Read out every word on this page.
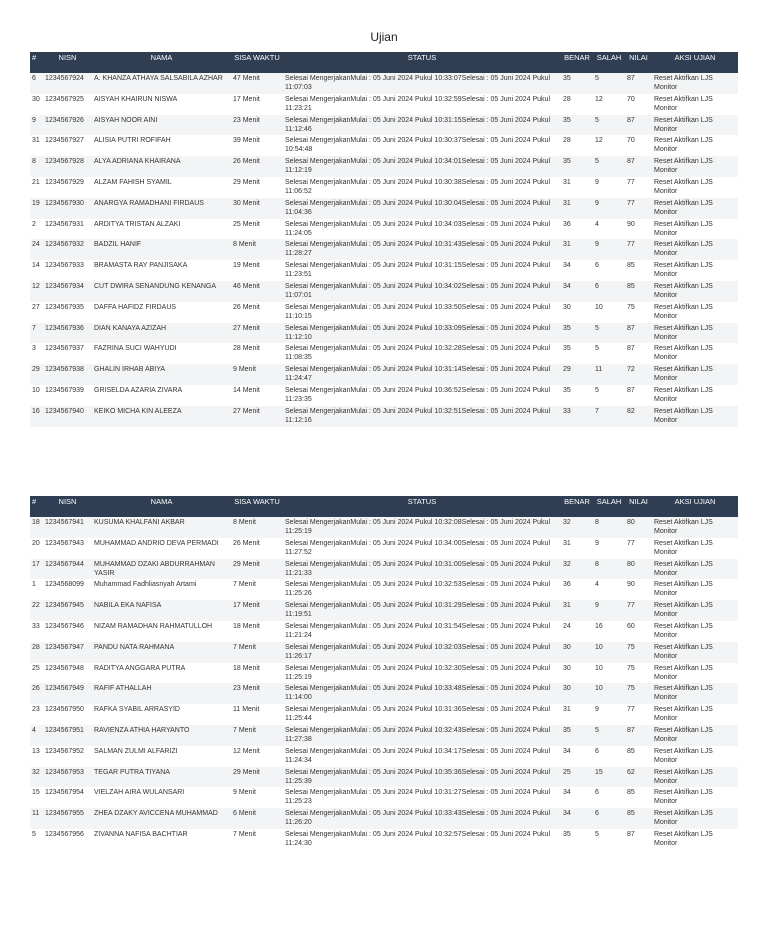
Ujian
#	NISN	NAMA	SISA WAKTU	STATUS	BENAR	SALAH	NILAI	AKSI UJIAN
6	1234567924	A. KHANZA ATHAYA SALSABILA AZHAR	47 Menit	Selesai MengerjakanMulai : 05 Juni 2024 Pukul 10:33:07Selesai : 05 Juni 2024 Pukul 11:07:03	35	5	87	Reset Aktifkan LJS Monitor
30	1234567925	AISYAH KHAIRUN NISWA	17 Menit	Selesai MengerjakanMulai : 05 Juni 2024 Pukul 10:32:59Selesai : 05 Juni 2024 Pukul 11:23:21	28	12	70	Reset Aktifkan LJS Monitor
9	1234567926	AISYAH NOOR AINI	23 Menit	Selesai MengerjakanMulai : 05 Juni 2024 Pukul 10:31:15Selesai : 05 Juni 2024 Pukul 11:12:46	35	5	87	Reset Aktifkan LJS Monitor
31	1234567927	ALISIA PUTRI ROFIFAH	39 Menit	Selesai MengerjakanMulai : 05 Juni 2024 Pukul 10:30:37Selesai : 05 Juni 2024 Pukul 10:54:48	28	12	70	Reset Aktifkan LJS Monitor
8	1234567928	ALYA ADRIANA KHAIRANA	26 Menit	Selesai MengerjakanMulai : 05 Juni 2024 Pukul 10:34:01Selesai : 05 Juni 2024 Pukul 11:12:19	35	5	87	Reset Aktifkan LJS Monitor
21	1234567929	ALZAM FAHISH SYAMIL	29 Menit	Selesai MengerjakanMulai : 05 Juni 2024 Pukul 10:30:38Selesai : 05 Juni 2024 Pukul 11:06:52	31	9	77	Reset Aktifkan LJS Monitor
19	1234567930	ANARGYA RAMADHANI FIRDAUS	30 Menit	Selesai MengerjakanMulai : 05 Juni 2024 Pukul 10:30:04Selesai : 05 Juni 2024 Pukul 11:04:36	31	9	77	Reset Aktifkan LJS Monitor
2	1234567931	ARDITYA TRISTAN ALZAKI	25 Menit	Selesai MengerjakanMulai : 05 Juni 2024 Pukul 10:34:03Selesai : 05 Juni 2024 Pukul 11:24:05	36	4	90	Reset Aktifkan LJS Monitor
24	1234567932	BADZIL HANIF	8 Menit	Selesai MengerjakanMulai : 05 Juni 2024 Pukul 10:31:43Selesai : 05 Juni 2024 Pukul 11:28:27	31	9	77	Reset Aktifkan LJS Monitor
14	1234567933	BRAMASTA RAY PANJISAKA	19 Menit	Selesai MengerjakanMulai : 05 Juni 2024 Pukul 10:31:15Selesai : 05 Juni 2024 Pukul 11:23:51	34	6	85	Reset Aktifkan LJS Monitor
12	1234567934	CUT DWIRA SENANDUNG KENANGA	46 Menit	Selesai MengerjakanMulai : 05 Juni 2024 Pukul 10:34:02Selesai : 05 Juni 2024 Pukul 11:07:01	34	6	85	Reset Aktifkan LJS Monitor
27	1234567935	DAFFA HAFIDZ FIRDAUS	26 Menit	Selesai MengerjakanMulai : 05 Juni 2024 Pukul 10:33:50Selesai : 05 Juni 2024 Pukul 11:10:15	30	10	75	Reset Aktifkan LJS Monitor
7	1234567936	DIAN KANAYA AZIZAH	27 Menit	Selesai MengerjakanMulai : 05 Juni 2024 Pukul 10:33:09Selesai : 05 Juni 2024 Pukul 11:12:10	35	5	87	Reset Aktifkan LJS Monitor
3	1234567937	FAZRINA SUCI WAHYUDI	28 Menit	Selesai MengerjakanMulai : 05 Juni 2024 Pukul 10:32:28Selesai : 05 Juni 2024 Pukul 11:08:35	35	5	87	Reset Aktifkan LJS Monitor
29	1234567938	GHALIN IRHAB ABIYA	9 Menit	Selesai MengerjakanMulai : 05 Juni 2024 Pukul 10:31:14Selesai : 05 Juni 2024 Pukul 11:24:47	29	11	72	Reset Aktifkan LJS Monitor
10	1234567939	GRISELDA AZARIA ZIVARA	14 Menit	Selesai MengerjakanMulai : 05 Juni 2024 Pukul 10:36:52Selesai : 05 Juni 2024 Pukul 11:23:35	35	5	87	Reset Aktifkan LJS Monitor
16	1234567940	KEIKO MICHA KIN ALEEZA	27 Menit	Selesai MengerjakanMulai : 05 Juni 2024 Pukul 10:32:51Selesai : 05 Juni 2024 Pukul 11:12:16	33	7	82	Reset Aktifkan LJS Monitor
#	NISN	NAMA	SISA WAKTU	STATUS	BENAR	SALAH	NILAI	AKSI UJIAN
18	1234567941	KUSUMA KHALFANI AKBAR	8 Menit	Selesai MengerjakanMulai : 05 Juni 2024 Pukul 10:32:08Selesai : 05 Juni 2024 Pukul 11:25:19	32	8	80	Reset Aktifkan LJS Monitor
20	1234567943	MUHAMMAD ANDRIO DEVA PERMADI	26 Menit	Selesai MengerjakanMulai : 05 Juni 2024 Pukul 10:34:00Selesai : 05 Juni 2024 Pukul 11:27:52	31	9	77	Reset Aktifkan LJS Monitor
17	1234567944	MUHAMMAD DZAKI ABDURRAHMAN YASIR	29 Menit	Selesai MengerjakanMulai : 05 Juni 2024 Pukul 10:31:00Selesai : 05 Juni 2024 Pukul 11:21:33	32	8	80	Reset Aktifkan LJS Monitor
1	1234568099	Muhammad Fadhliasnyah Artami	7 Menit	Selesai MengerjakanMulai : 05 Juni 2024 Pukul 10:32:53Selesai : 05 Juni 2024 Pukul 11:25:26	36	4	90	Reset Aktifkan LJS Monitor
22	1234567945	NABILA EKA NAFISA	17 Menit	Selesai MengerjakanMulai : 05 Juni 2024 Pukul 10:31:29Selesai : 05 Juni 2024 Pukul 11:19:51	31	9	77	Reset Aktifkan LJS Monitor
33	1234567946	NIZAM RAMADHAN RAHMATULLOH	18 Menit	Selesai MengerjakanMulai : 05 Juni 2024 Pukul 10:31:54Selesai : 05 Juni 2024 Pukul 11:21:24	24	16	60	Reset Aktifkan LJS Monitor
28	1234567947	PANDU NATA RAHMANA	7 Menit	Selesai MengerjakanMulai : 05 Juni 2024 Pukul 10:32:03Selesai : 05 Juni 2024 Pukul 11:26:17	30	10	75	Reset Aktifkan LJS Monitor
25	1234567948	RADITYA ANGGARA PUTRA	18 Menit	Selesai MengerjakanMulai : 05 Juni 2024 Pukul 10:32:30Selesai : 05 Juni 2024 Pukul 11:25:19	30	10	75	Reset Aktifkan LJS Monitor
26	1234567949	RAFIF ATHALLAH	23 Menit	Selesai MengerjakanMulai : 05 Juni 2024 Pukul 10:33:48Selesai : 05 Juni 2024 Pukul 11:14:00	30	10	75	Reset Aktifkan LJS Monitor
23	1234567950	RAFKA SYABIL ARRASYID	11 Menit	Selesai MengerjakanMulai : 05 Juni 2024 Pukul 10:31:36Selesai : 05 Juni 2024 Pukul 11:25:44	31	9	77	Reset Aktifkan LJS Monitor
4	1234567951	RAVIENZA ATHIA HARYANTO	7 Menit	Selesai MengerjakanMulai : 05 Juni 2024 Pukul 10:32:43Selesai : 05 Juni 2024 Pukul 11:27:38	35	5	87	Reset Aktifkan LJS Monitor
13	1234567952	SALMAN ZULMI ALFARIZI	12 Menit	Selesai MengerjakanMulai : 05 Juni 2024 Pukul 10:34:17Selesai : 05 Juni 2024 Pukul 11:24:34	34	6	85	Reset Aktifkan LJS Monitor
32	1234567953	TEGAR PUTRA TIYANA	29 Menit	Selesai MengerjakanMulai : 05 Juni 2024 Pukul 10:35:36Selesai : 05 Juni 2024 Pukul 11:25:39	25	15	62	Reset Aktifkan LJS Monitor
15	1234567954	VIELZAH AIRA WULANSARI	9 Menit	Selesai MengerjakanMulai : 05 Juni 2024 Pukul 10:31:27Selesai : 05 Juni 2024 Pukul 11:25:23	34	6	85	Reset Aktifkan LJS Monitor
11	1234567955	ZHEA DZAKY AVICCENA MUHAMMAD	6 Menit	Selesai MengerjakanMulai : 05 Juni 2024 Pukul 10:33:43Selesai : 05 Juni 2024 Pukul 11:26:20	34	6	85	Reset Aktifkan LJS Monitor
5	1234567956	ZIVANNA NAFISA BACHTIAR	7 Menit	Selesai MengerjakanMulai : 05 Juni 2024 Pukul 10:32:57Selesai : 05 Juni 2024 Pukul 11:24:30	35	5	87	Reset Aktifkan LJS Monitor
